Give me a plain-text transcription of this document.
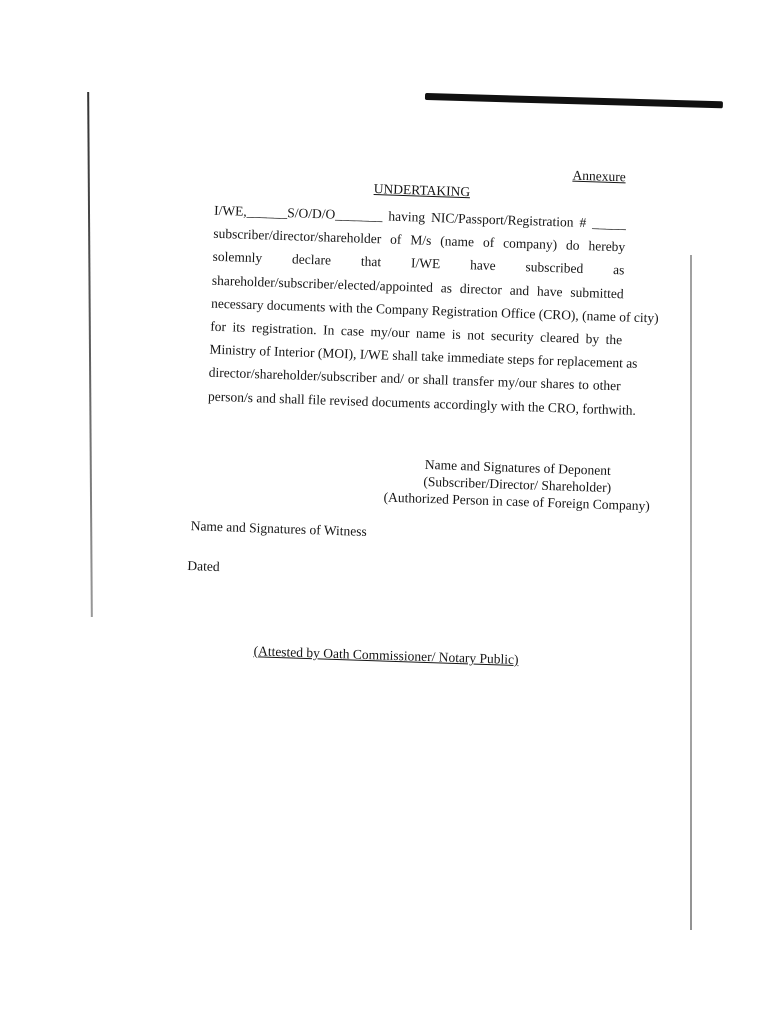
Annexure
UNDERTAKING
I/WE,______S/O/D/O_______ having NIC/Passport/Registration # _____
subscriber/director/shareholder of M/s (name of company) do hereby
solemnly declare that I/WE have subscribed as
shareholder/subscriber/elected/appointed as director and have submitted
necessary documents with the Company Registration Office (CRO), (name of city)
for its registration. In case my/our name is not security cleared by the
Ministry of Interior (MOI), I/WE shall take immediate steps for replacement as
director/shareholder/subscriber and/ or shall transfer my/our shares to other
person/s and shall file revised documents accordingly with the CRO, forthwith.
Name and Signatures of Deponent
(Subscriber/Director/ Shareholder)
(Authorized Person in case of Foreign Company)
Name and Signatures of Witness
Dated
(Attested by Oath Commissioner/ Notary Public)
